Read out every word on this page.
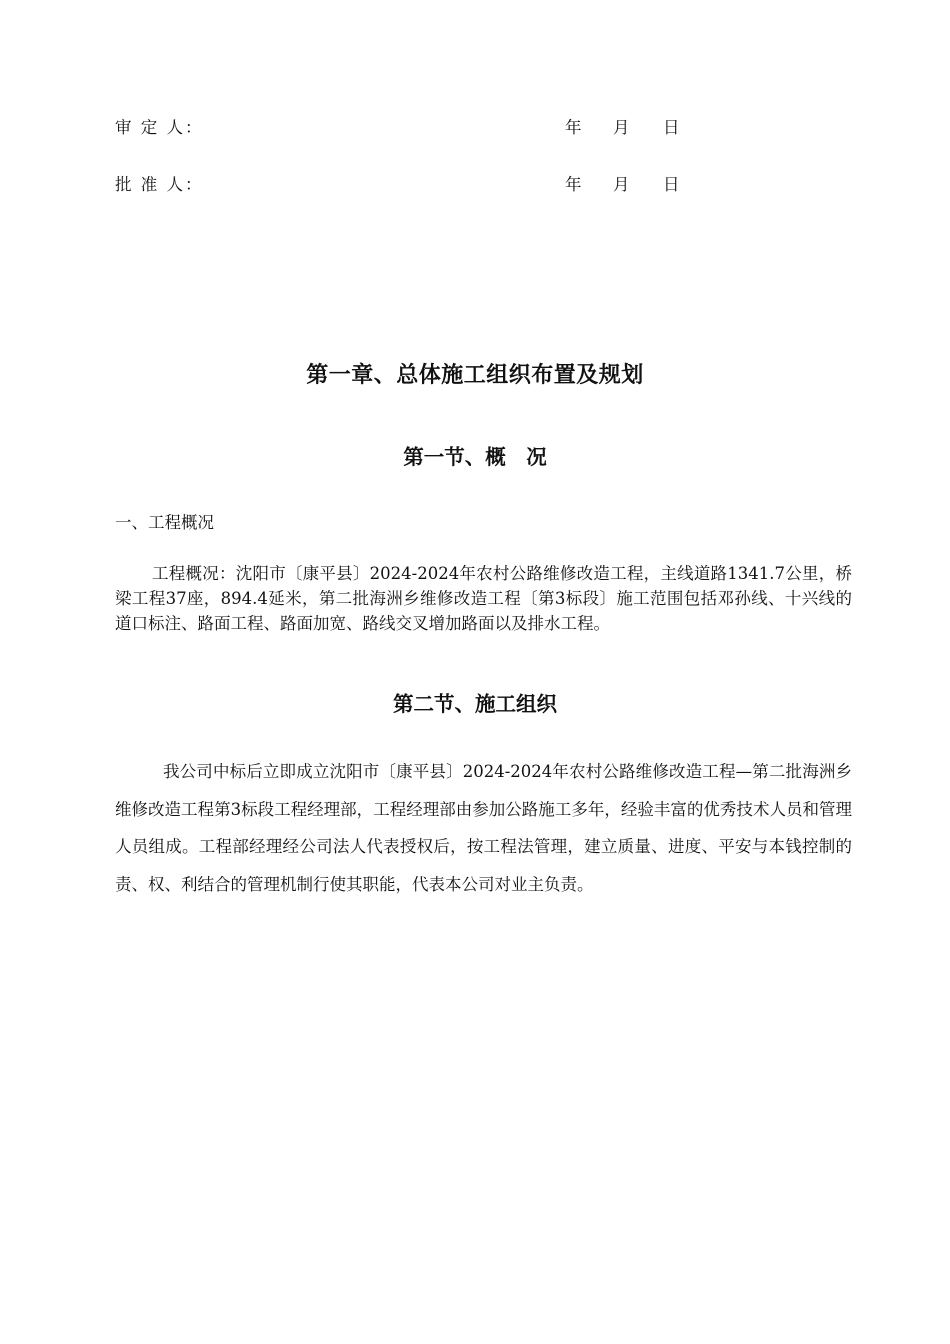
审 定 人：	年 月 日
批 准 人：	年 月 日
第一章、总体施工组织布置及规划
第一节、概　况
一、工程概况
工程概况：沈阳市〔康平县〕2024-2024年农村公路维修改造工程，主线道路1341.7公里，桥梁工程37座，894.4延米，第二批海洲乡维修改造工程〔第3标段〕施工范围包括邓孙线、十兴线的道口标注、路面工程、路面加宽、路线交叉增加路面以及排水工程。
第二节、施工组织
我公司中标后立即成立沈阳市〔康平县〕2024-2024年农村公路维修改造工程—第二批海洲乡维修改造工程第3标段工程经理部，工程经理部由参加公路施工多年，经验丰富的优秀技术人员和管理人员组成。工程部经理经公司法人代表授权后，按工程法管理，建立质量、进度、平安与本钱控制的责、权、利结合的管理机制行使其职能，代表本公司对业主负责。
